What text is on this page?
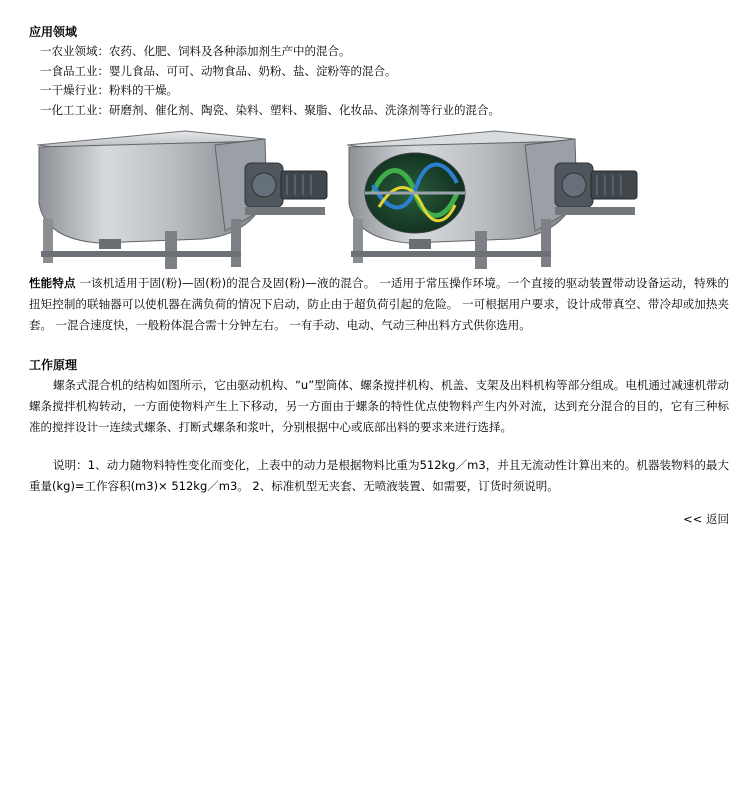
应用领域
一农业领域：农药、化肥、饲料及各种添加剂生产中的混合。
一食品工业：婴儿食品、可可、动物食品、奶粉、盐、淀粉等的混合。
一干燥行业：粉料的干燥。
一化工工业：研磨剂、催化剂、陶瓷、染料、塑料、聚脂、化妆品、洗涤剂等行业的混合。

性能特点 一该机适用于固(粉)—固(粉)的混合及固(粉)—液的混合。 一适用于常压操作环境。一个直接的驱动装置带动设备运动，特殊的扭矩控制的联轴器可以使机器在满负荷的情况下启动，防止由于超负荷引起的危险。 一可根据用户要求，设计成带真空、带冷却或加热夹套。 一混合速度快，一般粉体混合需十分钟左右。 一有手动、电动、气动三种出料方式供你选用。

工作原理

螺条式混合机的结构如图所示，它由驱动机构、“u”型筒体、螺条搅拌机构、机盖、支架及出料机构等部分组成。电机通过减速机带动螺条搅拌机构转动，一方面使物料产生上下移动，另一方面由于螺条的特性优点使物料产生内外对流，达到充分混合的目的，它有三种标准的搅拌设计一连续式螺条、打断式螺条和浆叶，分别根据中心或底部出料的要求来进行选择。

说明：1、动力随物料特性变化而变化，上表中的动力是根据物料比重为512kg／m3，并且无流动性计算出来的。机器装物料的最大重量(kg)=工作容积(m3)× 512kg／m3。 2、标准机型无夹套、无喷液装置、如需要，订货时须说明。

<< 返回
